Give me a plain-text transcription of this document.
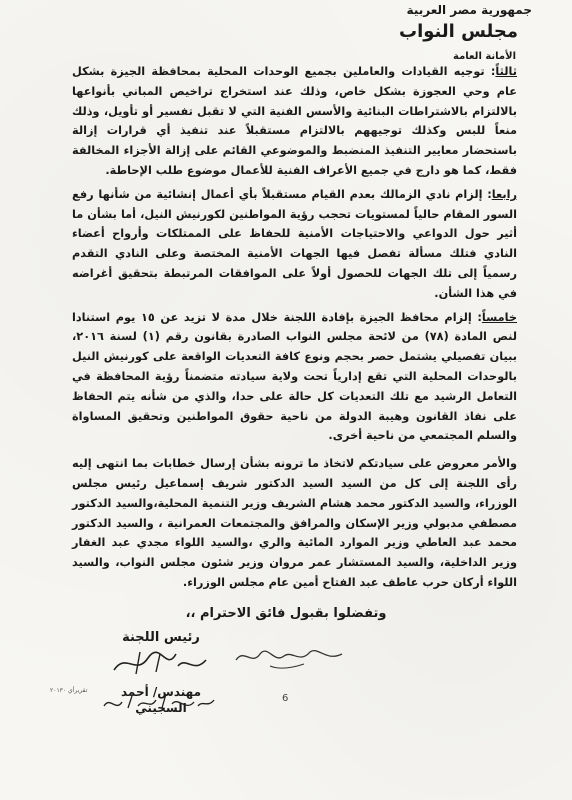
جمهورية مصر العربية
مجلس النواب
الأمانة العامة

ثالثاً: توجيه القيادات والعاملين بجميع الوحدات المحلية بمحافظة الجيزة بشكل عام وحي العجوزة بشكل خاص، وذلك عند استخراج تراخيص المباني بأنواعها بالالتزام بالاشتراطات البنائية والأسس الفنية التي لا تقبل تفسير أو تأويل، وذلك منعاً للبس وكذلك توجيههم بالالتزام مستقبلاً عند تنفيذ أي قرارات إزالة باستحضار معايير التنفيذ المنضبط والموضوعي القائم على إزالة الأجزاء المخالفة فقط، كما هو دارج في جميع الأعراف الفنية للأعمال موضوع طلب الإحاطة.

رابعا: إلزام نادي الزمالك بعدم القيام مستقبلاً بأي أعمال إنشائية من شأنها رفع السور المقام حالياً لمستويات تحجب رؤية المواطنين لكورنيش النيل، أما بشأن ما أثير حول الدواعي والاحتياجات الأمنية للحفاظ على الممتلكات وأرواح أعضاء النادي فتلك مسألة تفصل فيها الجهات الأمنية المختصة وعلى النادي التقدم رسمياً إلى تلك الجهات للحصول أولاً على الموافقات المرتبطة بتحقيق أغراضه في هذا الشأن.

خامساً: إلزام محافظ الجيزة بإفادة اللجنة خلال مدة لا تزيد عن ١٥ يوم استنادا لنص المادة (٧٨) من لائحة مجلس النواب الصادرة بقانون رقم (١) لسنة ٢٠١٦، ببيان تفصيلي يشتمل حصر بحجم ونوع كافة التعديات الواقعة على كورنيش النيل بالوحدات المحلية التي تقع إدارياً تحت ولاية سيادته متضمناً رؤية المحافظة في التعامل الرشيد مع تلك التعديات كل حالة على حدا، والذي من شأنه يتم الحفاظ على نفاذ القانون وهيبة الدولة من ناحية حقوق المواطنين وتحقيق المساواة والسلم المجتمعي من ناحية أخرى.

والأمر معروض على سيادتكم لاتخاذ ما ترونه بشأن إرسال خطابات بما انتهى إليه رأى اللجنة إلى كل من السيد السيد الدكتور شريف إسماعيل رئيس مجلس الوزراء، والسيد الدكتور محمد هشام الشريف وزير التنمية المحلية،والسيد الدكتور مصطفي مدبولي وزير الإسكان والمرافق والمجتمعات العمرانية ، والسيد الدكتور محمد عبد العاطي وزير الموارد المائية والري ،والسيد اللواء مجدي عبد الغفار وزير الداخلية، والسيد المستشار عمر مروان وزير شئون مجلس النواب، والسيد اللواء أركان حرب عاطف عبد الفتاح أمين عام مجلس الوزراء.

وتفضلوا بقبول فائق الاحترام ،،
رئيس اللجنة
مهندس/ أحمد السجيني
6
تقريرأي ٢٠١٣٠
